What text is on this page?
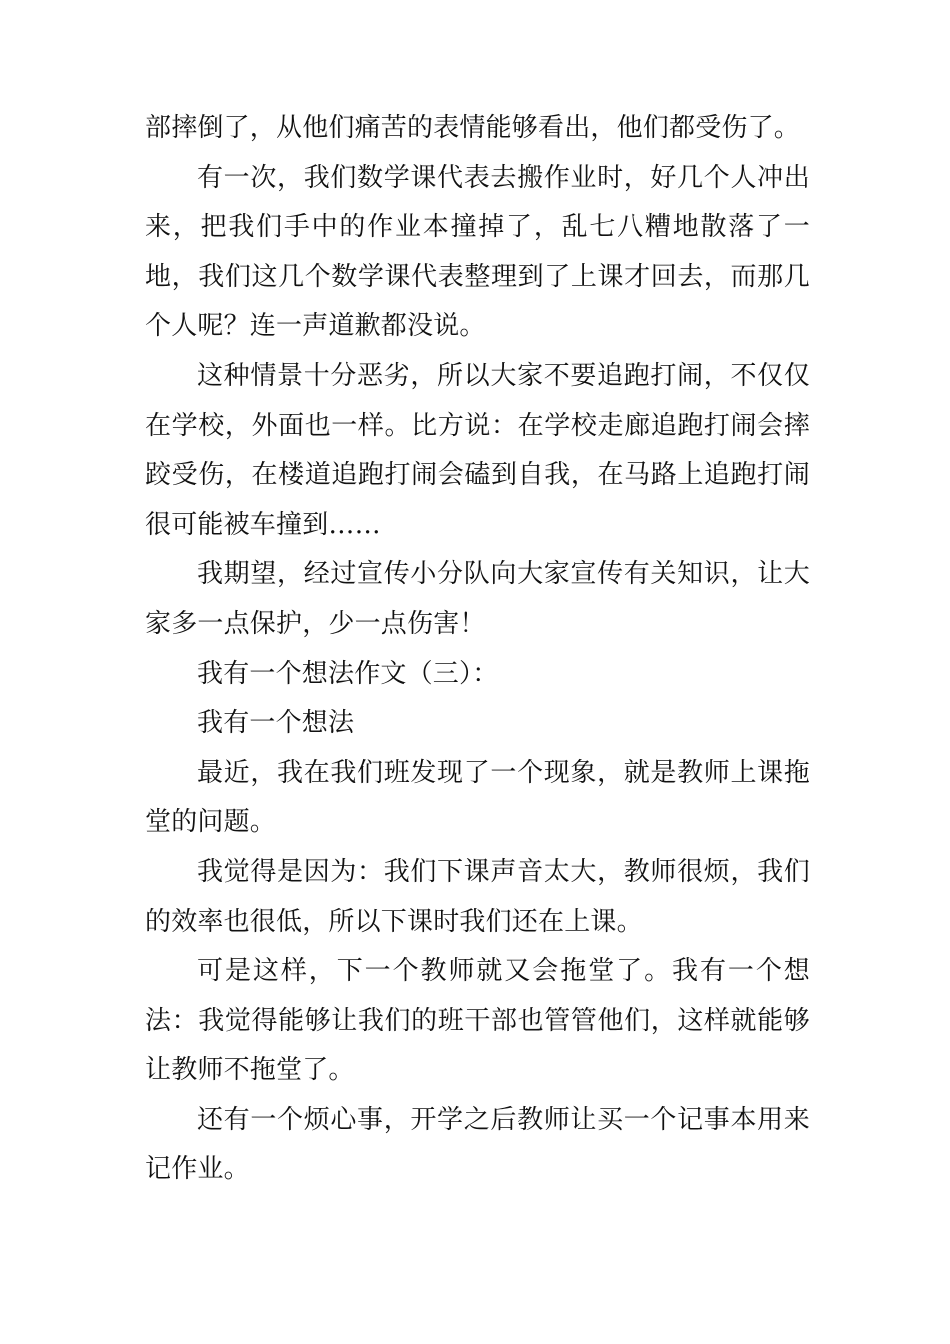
部摔倒了，从他们痛苦的表情能够看出，他们都受伤了。

有一次，我们数学课代表去搬作业时，好几个人冲出来，把我们手中的作业本撞掉了，乱七八糟地散落了一地，我们这几个数学课代表整理到了上课才回去，而那几个人呢？连一声道歉都没说。

这种情景十分恶劣，所以大家不要追跑打闹，不仅仅在学校，外面也一样。比方说：在学校走廊追跑打闹会摔跤受伤，在楼道追跑打闹会磕到自我，在马路上追跑打闹很可能被车撞到……

我期望，经过宣传小分队向大家宣传有关知识，让大家多一点保护，少一点伤害！

我有一个想法作文（三）：

我有一个想法

最近，我在我们班发现了一个现象，就是教师上课拖堂的问题。

我觉得是因为：我们下课声音太大，教师很烦，我们的效率也很低，所以下课时我们还在上课。

可是这样，下一个教师就又会拖堂了。我有一个想法：我觉得能够让我们的班干部也管管他们，这样就能够让教师不拖堂了。

还有一个烦心事，开学之后教师让买一个记事本用来记作业。
